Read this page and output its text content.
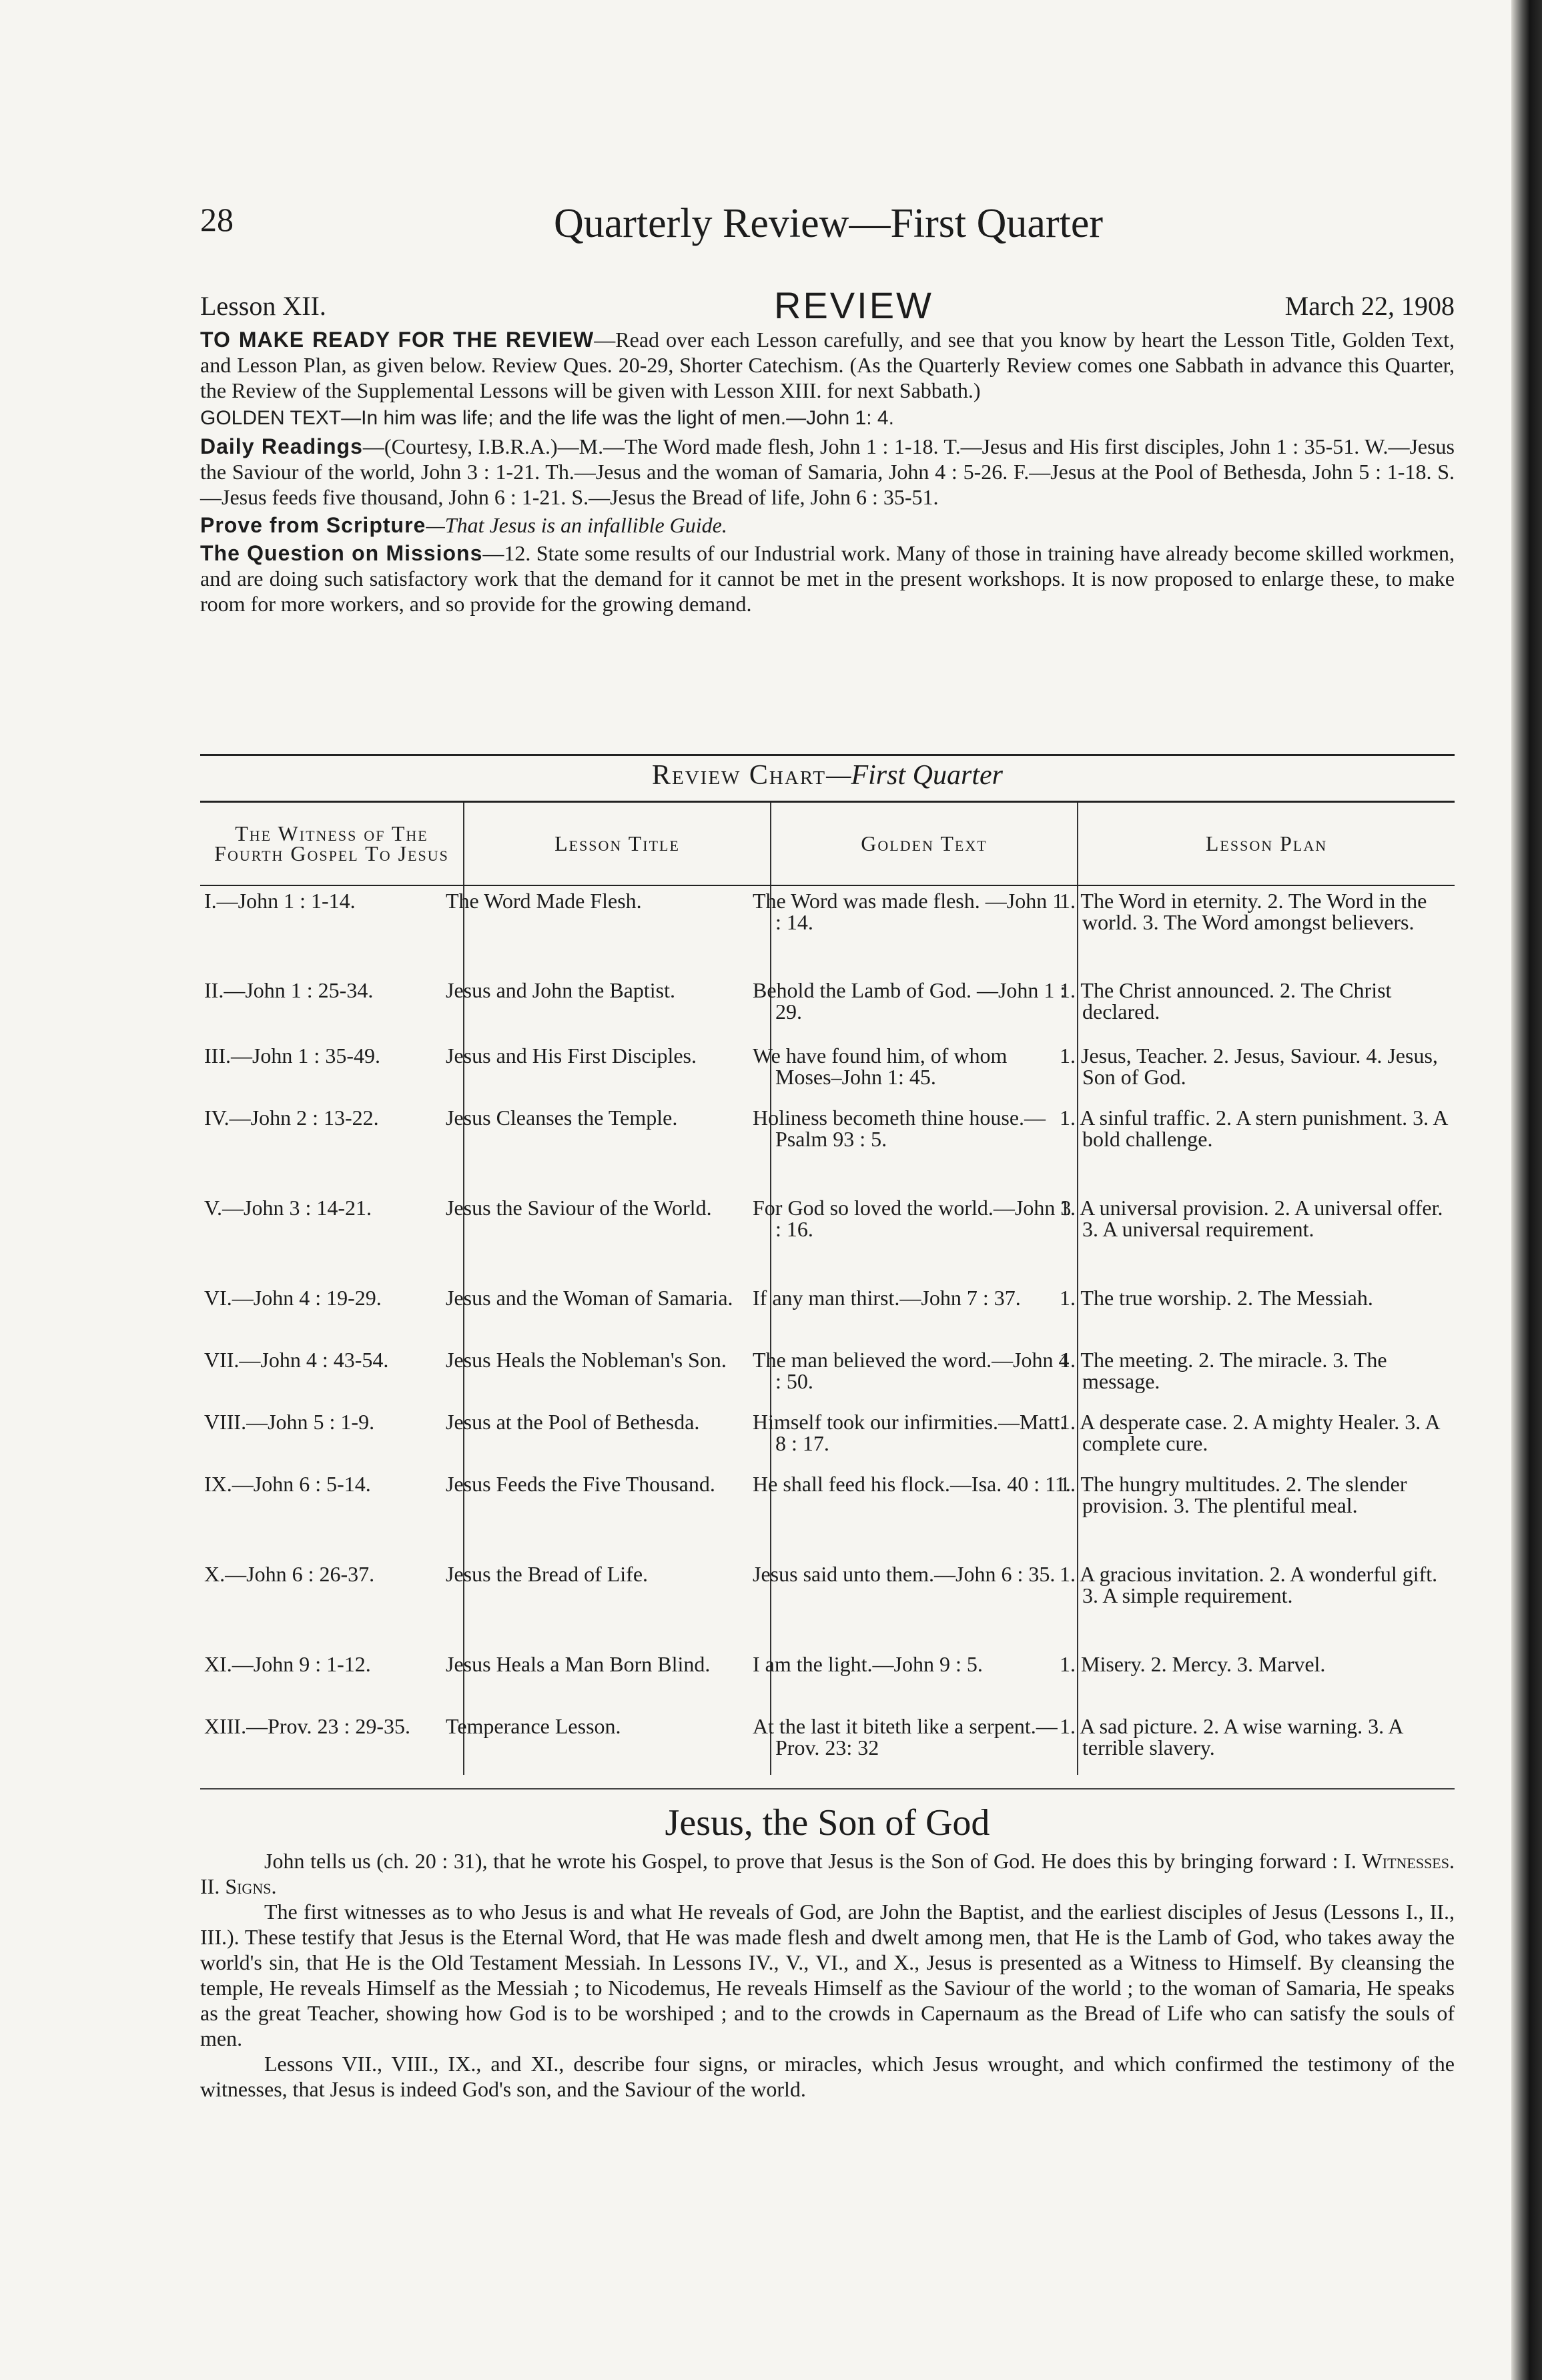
28	Quarterly Review—First Quarter
Lesson XII.	REVIEW	March 22, 1908

TO MAKE READY FOR THE REVIEW—Read over each Lesson carefully, and see that you know by heart the Lesson Title, Golden Text, and Lesson Plan, as given below. Review Ques. 20-29, Shorter Catechism. (As the Quarterly Review comes one Sabbath in advance this Quarter, the Review of the Supplemental Lessons will be given with Lesson XIII. for next Sabbath.)

GOLDEN TEXT—In him was life; and the life was the light of men.—John 1: 4.

Daily Readings—(Courtesy, I.B.R.A.)—M.—The Word made flesh, John 1 : 1-18. T.—Jesus and His first disciples, John 1 : 35-51. W.—Jesus the Saviour of the world, John 3 : 1-21. Th.—Jesus and the woman of Samaria, John 4 : 5-26. F.—Jesus at the Pool of Bethesda, John 5 : 1-18. S.—Jesus feeds five thousand, John 6 : 1-21. S.—Jesus the Bread of life, John 6 : 35-51.

Prove from Scripture—That Jesus is an infallible Guide.

The Question on Missions—12. State some results of our Industrial work. Many of those in training have already become skilled workmen, and are doing such satisfactory work that the demand for it cannot be met in the present workshops. It is now proposed to enlarge these, to make room for more workers, and so provide for the growing demand.

Review Chart—First Quarter
The Witness of The Fourth Gospel To Jesus	Lesson Title	Golden Text	Lesson Plan
I.—John 1 : 1-14.	The Word Made Flesh.	The Word was made flesh. —John 1 : 14.	1. The Word in eternity. 2. The Word in the world. 3. The Word amongst believers.
II.—John 1 : 25-34.	Jesus and John the Baptist.	Behold the Lamb of God. —John 1 : 29.	1. The Christ announced. 2. The Christ declared.
III.—John 1 : 35-49.	Jesus and His First Disciples.	We have found him, of whom Moses–John 1: 45.	1. Jesus, Teacher. 2. Jesus, Saviour. 4. Jesus, Son of God.
IV.—John 2 : 13-22.	Jesus Cleanses the Temple.	Holiness becometh thine house.—Psalm 93 : 5.	1. A sinful traffic. 2. A stern punishment. 3. A bold challenge.
V.—John 3 : 14-21.	Jesus the Saviour of the World.	For God so loved the world.—John 3 : 16.	1. A universal provision. 2. A universal offer. 3. A universal requirement.
VI.—John 4 : 19-29.	Jesus and the Woman of Samaria.	If any man thirst.—John 7 : 37.	1. The true worship. 2. The Messiah.
VII.—John 4 : 43-54.	Jesus Heals the Nobleman's Son.	The man believed the word.—John 4 : 50.	1. The meeting. 2. The miracle. 3. The message.
VIII.—John 5 : 1-9.	Jesus at the Pool of Bethesda.	Himself took our infirmities.—Matt. 8 : 17.	1. A desperate case. 2. A mighty Healer. 3. A complete cure.
IX.—John 6 : 5-14.	Jesus Feeds the Five Thousand.	He shall feed his flock.—Isa. 40 : 11.	1. The hungry multitudes. 2. The slender provision. 3. The plentiful meal.
X.—John 6 : 26-37.	Jesus the Bread of Life.	Jesus said unto them.—John 6 : 35.	1. A gracious invitation. 2. A wonderful gift. 3. A simple requirement.
XI.—John 9 : 1-12.	Jesus Heals a Man Born Blind.	I am the light.—John 9 : 5.	1. Misery. 2. Mercy. 3. Marvel.
XIII.—Prov. 23 : 29-35.	Temperance Lesson.	At the last it biteth like a serpent.—Prov. 23: 32	1. A sad picture. 2. A wise warning. 3. A terrible slavery.
Jesus, the Son of God

John tells us (ch. 20 : 31), that he wrote his Gospel, to prove that Jesus is the Son of God. He does this by bringing forward : I. Witnesses. II. Signs.

The first witnesses as to who Jesus is and what He reveals of God, are John the Baptist, and the earliest disciples of Jesus (Lessons I., II., III.). These testify that Jesus is the Eternal Word, that He was made flesh and dwelt among men, that He is the Lamb of God, who takes away the world's sin, that He is the Old Testament Messiah. In Lessons IV., V., VI., and X., Jesus is presented as a Witness to Himself. By cleansing the temple, He reveals Himself as the Messiah ; to Nicodemus, He reveals Himself as the Saviour of the world ; to the woman of Samaria, He speaks as the great Teacher, showing how God is to be worshiped ; and to the crowds in Capernaum as the Bread of Life who can satisfy the souls of men.

Lessons VII., VIII., IX., and XI., describe four signs, or miracles, which Jesus wrought, and which confirmed the testimony of the witnesses, that Jesus is indeed God's son, and the Saviour of the world.
